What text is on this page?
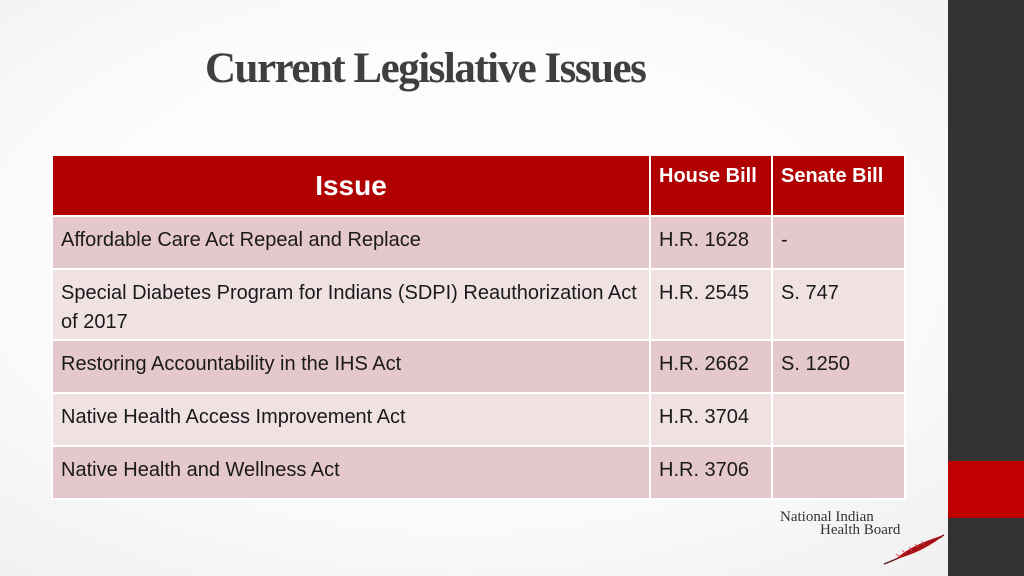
Current Legislative Issues
Issue	House Bill	Senate Bill
Affordable Care Act Repeal and Replace	H.R. 1628	-
Special Diabetes Program for Indians (SDPI) Reauthorization Act of 2017	H.R. 2545	S. 747
Restoring Accountability in the IHS Act	H.R. 2662	S. 1250
Native Health Access Improvement Act	H.R. 3704	
Native Health and Wellness Act	H.R. 3706	
National Indian
Health Board
